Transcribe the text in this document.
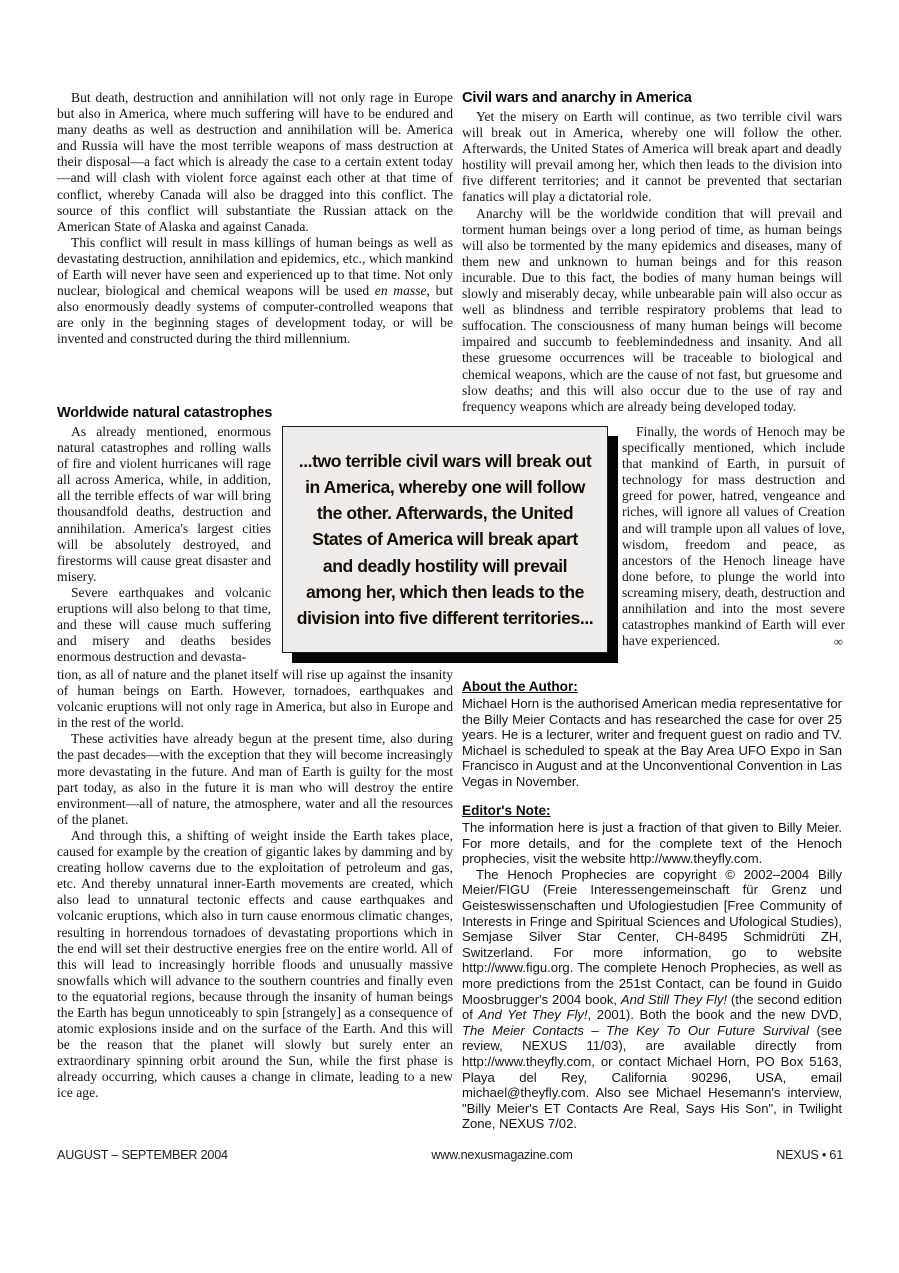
But death, destruction and annihilation will not only rage in Europe but also in America, where much suffering will have to be endured and many deaths as well as destruction and annihilation will be. America and Russia will have the most terrible weapons of mass destruction at their disposal—a fact which is already the case to a certain extent today—and will clash with violent force against each other at that time of conflict, whereby Canada will also be dragged into this conflict. The source of this conflict will substantiate the Russian attack on the American State of Alaska and against Canada.

This conflict will result in mass killings of human beings as well as devastating destruction, annihilation and epidemics, etc., which mankind of Earth will never have seen and experienced up to that time. Not only nuclear, biological and chemical weapons will be used en masse, but also enormously deadly systems of computer-controlled weapons that are only in the beginning stages of development today, or will be invented and constructed during the third millennium.

Worldwide natural catastrophes

As already mentioned, enormous natural catastrophes and rolling walls of fire and violent hurricanes will rage all across America, while, in addition, all the terrible effects of war will bring thousandfold deaths, destruction and annihilation. America's largest cities will be absolutely destroyed, and firestorms will cause great disaster and misery.

Severe earthquakes and volcanic eruptions will also belong to that time, and these will cause much suffering and misery and deaths besides enormous destruction and devasta-

tion, as all of nature and the planet itself will rise up against the insanity of human beings on Earth. However, tornadoes, earthquakes and volcanic eruptions will not only rage in America, but also in Europe and in the rest of the world.

These activities have already begun at the present time, also during the past decades—with the exception that they will become increasingly more devastating in the future. And man of Earth is guilty for the most part today, as also in the future it is man who will destroy the entire environment—all of nature, the atmosphere, water and all the resources of the planet.

And through this, a shifting of weight inside the Earth takes place, caused for example by the creation of gigantic lakes by damming and by creating hollow caverns due to the exploitation of petroleum and gas, etc. And thereby unnatural inner-Earth movements are created, which also lead to unnatural tectonic effects and cause earthquakes and volcanic eruptions, which also in turn cause enormous climatic changes, resulting in horrendous tornadoes of devastating proportions which in the end will set their destructive energies free on the entire world. All of this will lead to increasingly horrible floods and unusually massive snowfalls which will advance to the southern countries and finally even to the equatorial regions, because through the insanity of human beings the Earth has begun unnoticeably to spin [strangely] as a consequence of atomic explosions inside and on the surface of the Earth. And this will be the reason that the planet will slowly but surely enter an extraordinary spinning orbit around the Sun, while the first phase is already occurring, which causes a change in climate, leading to a new ice age.

...two terrible civil wars will break out in America, whereby one will follow the other. Afterwards, the United States of America will break apart and deadly hostility will prevail among her, which then leads to the division into five different territories...
Civil wars and anarchy in America

Yet the misery on Earth will continue, as two terrible civil wars will break out in America, whereby one will follow the other. Afterwards, the United States of America will break apart and deadly hostility will prevail among her, which then leads to the division into five different territories; and it cannot be prevented that sectarian fanatics will play a dictatorial role.

Anarchy will be the worldwide condition that will prevail and torment human beings over a long period of time, as human beings will also be tormented by the many epidemics and diseases, many of them new and unknown to human beings and for this reason incurable. Due to this fact, the bodies of many human beings will slowly and miserably decay, while unbearable pain will also occur as well as blindness and terrible respiratory problems that lead to suffocation. The consciousness of many human beings will become impaired and succumb to feeblemindedness and insanity. And all these gruesome occurrences will be traceable to biological and chemical weapons, which are the cause of not fast, but gruesome and slow deaths; and this will also occur due to the use of ray and frequency weapons which are already being developed today.

Finally, the words of Henoch may be specifically mentioned, which include that mankind of Earth, in pursuit of technology for mass destruction and greed for power, hatred, vengeance and riches, will ignore all values of Creation and will trample upon all values of love, wisdom, freedom and peace, as ancestors of the Henoch lineage have done before, to plunge the world into screaming misery, death, destruction and annihilation and into the most severe catastrophes mankind of Earth will ever have experienced.	∞
About the Author:

Michael Horn is the authorised American media representative for the Billy Meier Contacts and has researched the case for over 25 years. He is a lecturer, writer and frequent guest on radio and TV. Michael is scheduled to speak at the Bay Area UFO Expo in San Francisco in August and at the Unconventional Convention in Las Vegas in November.

Editor's Note:

The information here is just a fraction of that given to Billy Meier. For more details, and for the complete text of the Henoch prophecies, visit the website http://www.theyfly.com.

The Henoch Prophecies are copyright © 2002–2004 Billy Meier/FIGU (Freie Interessengemeinschaft für Grenz und Geisteswissenschaften und Ufologiestudien [Free Community of Interests in Fringe and Spiritual Sciences and Ufological Studies), Semjase Silver Star Center, CH-8495 Schmidrüti ZH, Switzerland. For more information, go to website http://www.figu.org. The complete Henoch Prophecies, as well as more predictions from the 251st Contact, can be found in Guido Moosbrugger's 2004 book, And Still They Fly! (the second edition of And Yet They Fly!, 2001). Both the book and the new DVD, The Meier Contacts – The Key To Our Future Survival (see review, NEXUS 11/03), are available directly from http://www.theyfly.com, or contact Michael Horn, PO Box 5163, Playa del Rey, California 90296, USA, email michael@theyfly.com. Also see Michael Hesemann's interview, "Billy Meier's ET Contacts Are Real, Says His Son", in Twilight Zone, NEXUS 7/02.

AUGUST – SEPTEMBER 2004	www.nexusmagazine.com	NEXUS • 61
